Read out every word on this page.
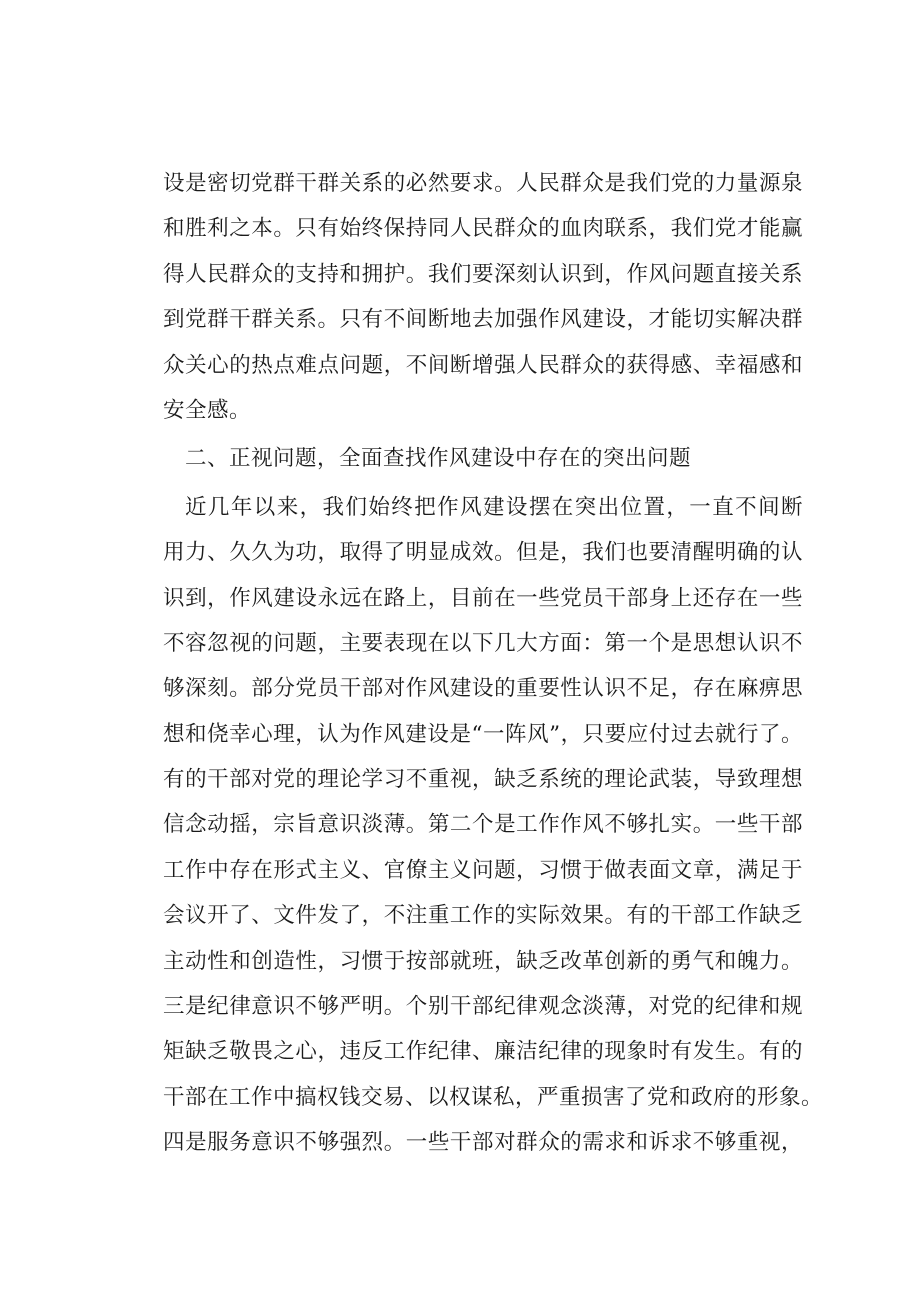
设是密切党群干群关系的必然要求。人民群众是我们党的力量源泉
和胜利之本。只有始终保持同人民群众的血肉联系，我们党才能赢
得人民群众的支持和拥护。我们要深刻认识到，作风问题直接关系
到党群干群关系。只有不间断地去加强作风建设，才能切实解决群
众关心的热点难点问题，不间断增强人民群众的获得感、幸福感和
安全感。
二、正视问题，全面查找作风建设中存在的突出问题
近几年以来，我们始终把作风建设摆在突出位置，一直不间断
用力、久久为功，取得了明显成效。但是，我们也要清醒明确的认
识到，作风建设永远在路上，目前在一些党员干部身上还存在一些
不容忽视的问题，主要表现在以下几大方面：第一个是思想认识不
够深刻。部分党员干部对作风建设的重要性认识不足，存在麻痹思
想和侥幸心理，认为作风建设是“一阵风”，只要应付过去就行了。
有的干部对党的理论学习不重视，缺乏系统的理论武装，导致理想
信念动摇，宗旨意识淡薄。第二个是工作作风不够扎实。一些干部
工作中存在形式主义、官僚主义问题，习惯于做表面文章，满足于
会议开了、文件发了，不注重工作的实际效果。有的干部工作缺乏
主动性和创造性，习惯于按部就班，缺乏改革创新的勇气和魄力。
三是纪律意识不够严明。个别干部纪律观念淡薄，对党的纪律和规
矩缺乏敬畏之心，违反工作纪律、廉洁纪律的现象时有发生。有的
干部在工作中搞权钱交易、以权谋私，严重损害了党和政府的形象。
四是服务意识不够强烈。一些干部对群众的需求和诉求不够重视，
